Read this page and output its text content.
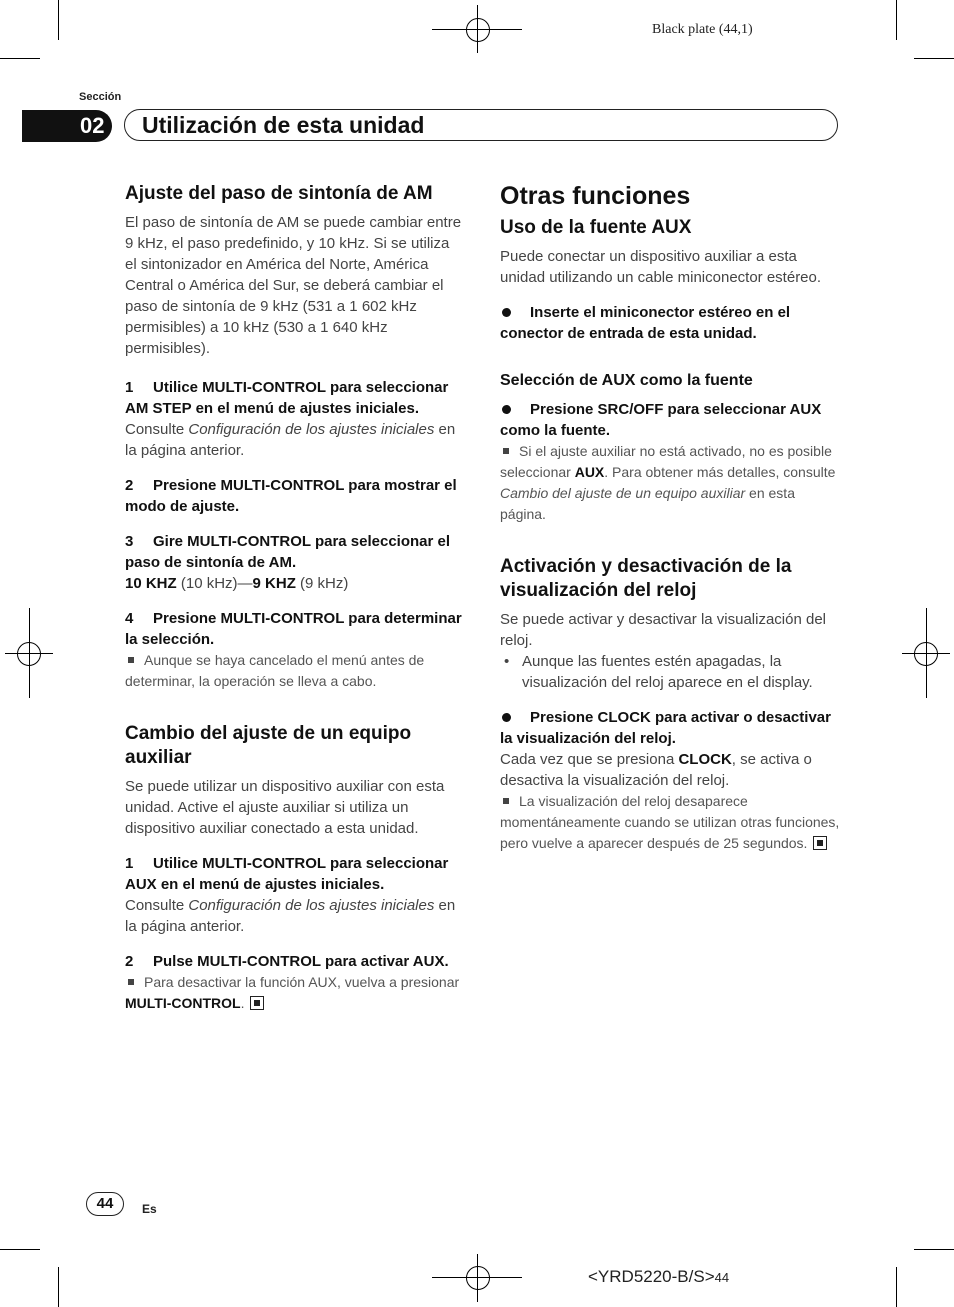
Black plate (44,1)
Sección
02 Utilización de esta unidad
Ajuste del paso de sintonía de AM

El paso de sintonía de AM se puede cambiar entre 9 kHz, el paso predefinido, y 10 kHz. Si se utiliza el sintonizador en América del Norte, América Central o América del Sur, se deberá cambiar el paso de sintonía de 9 kHz (531 a 1 602 kHz permisibles) a 10 kHz (530 a 1 640 kHz permisibles).

1 Utilice MULTI-CONTROL para seleccionar AM STEP en el menú de ajustes iniciales.

Consulte Configuración de los ajustes iniciales en la página anterior.

2 Presione MULTI-CONTROL para mostrar el modo de ajuste.

3 Gire MULTI-CONTROL para seleccionar el paso de sintonía de AM.

10 KHZ (10 kHz)—9 KHZ (9 kHz)

4 Presione MULTI-CONTROL para determinar la selección.

Aunque se haya cancelado el menú antes de determinar, la operación se lleva a cabo.

Cambio del ajuste de un equipo auxiliar

Se puede utilizar un dispositivo auxiliar con esta unidad. Active el ajuste auxiliar si utiliza un dispositivo auxiliar conectado a esta unidad.

1 Utilice MULTI-CONTROL para seleccionar AUX en el menú de ajustes iniciales.

Consulte Configuración de los ajustes iniciales en la página anterior.

2 Pulse MULTI-CONTROL para activar AUX.

Para desactivar la función AUX, vuelva a presionar MULTI-CONTROL.

Otras funciones
Uso de la fuente AUX

Puede conectar un dispositivo auxiliar a esta unidad utilizando un cable miniconector estéreo.

Inserte el miniconector estéreo en el conector de entrada de esta unidad.

Selección de AUX como la fuente

Presione SRC/OFF para seleccionar AUX como la fuente.

Si el ajuste auxiliar no está activado, no es posible seleccionar AUX. Para obtener más detalles, consulte Cambio del ajuste de un equipo auxiliar en esta página.

Activación y desactivación de la visualización del reloj

Se puede activar y desactivar la visualización del reloj.

• Aunque las fuentes estén apagadas, la visualización del reloj aparece en el display.

Presione CLOCK para activar o desactivar la visualización del reloj.

Cada vez que se presiona CLOCK, se activa o desactiva la visualización del reloj.

La visualización del reloj desaparece momentáneamente cuando se utilizan otras funciones, pero vuelve a aparecer después de 25 segundos.

44	Es
<YRD5220-B/S>44
